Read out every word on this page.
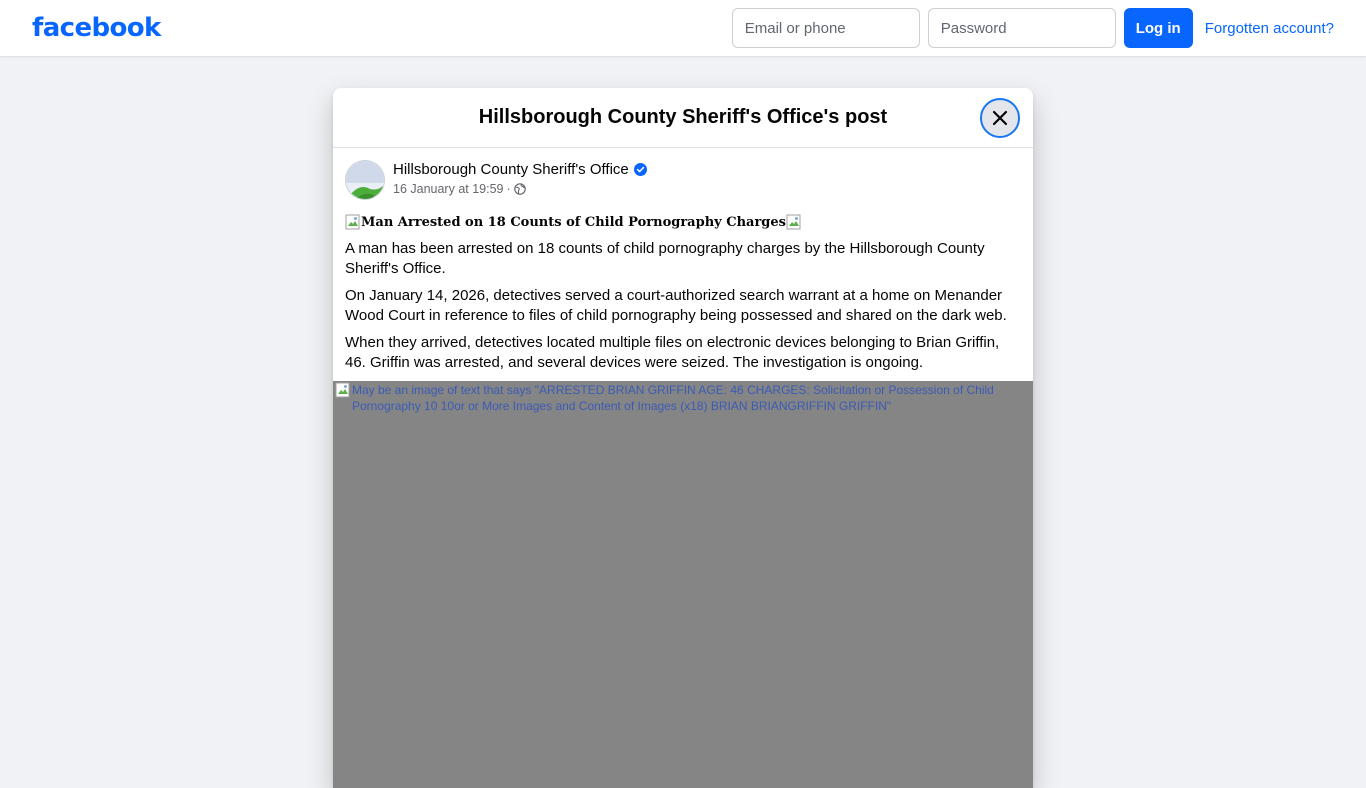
facebook
Email or phone	Log in	Forgotten account?
Hillsborough County Sheriff's Office's post
Hillsborough County Sheriff's Office
16 January at 19:59 ·
Man Arrested on 18 Counts of Child Pornography Charges

A man has been arrested on 18 counts of child pornography charges by the Hillsborough County Sheriff's Office.

On January 14, 2026, detectives served a court-authorized search warrant at a home on Menander Wood Court in reference to files of child pornography being possessed and shared on the dark web.

When they arrived, detectives located multiple files on electronic devices belonging to Brian Griffin, 46. Griffin was arrested, and several devices were seized. The investigation is ongoing.

May be an image of text that says "ARRESTED BRIAN GRIFFIN AGE: 46 CHARGES: Solicitation or Possession of Child Pornography 10 10or or More Images and Content of Images (x18) BRIAN BRIANGRIFFIN GRIFFIN"
